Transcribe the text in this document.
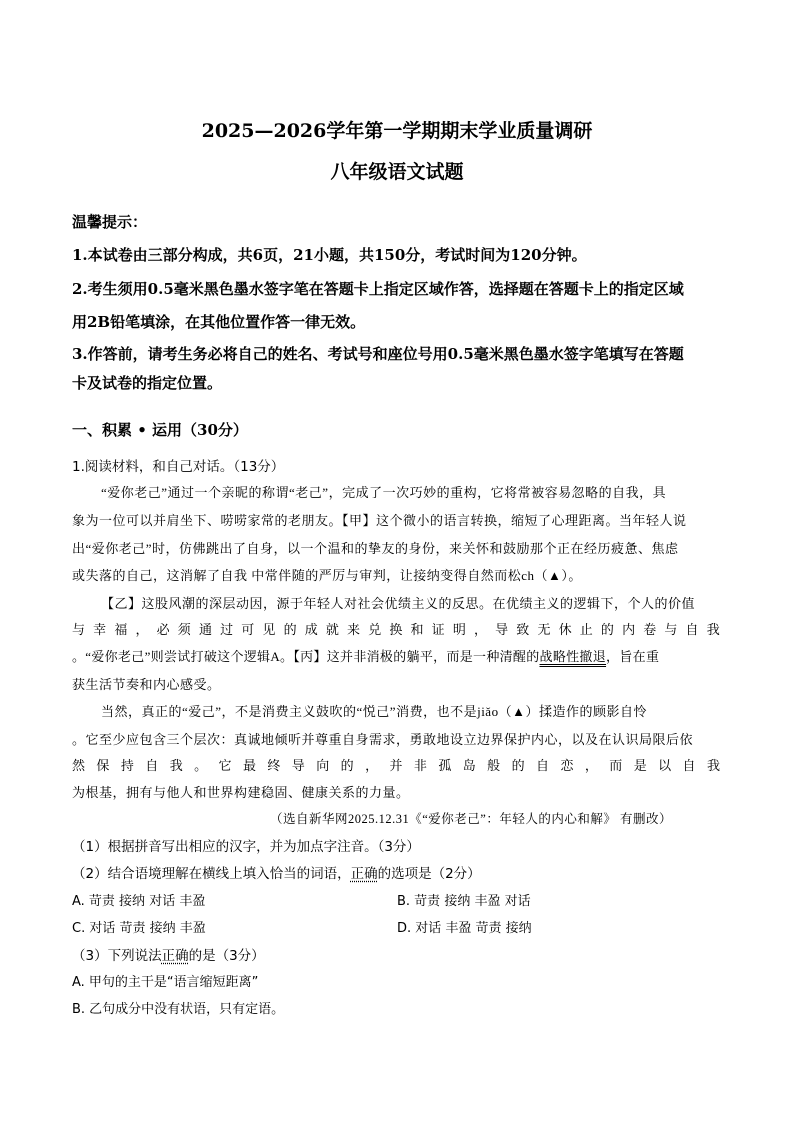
2025—2026学年第一学期期末学业质量调研
八年级语文试题
温馨提示：
1.本试卷由三部分构成，共6页，21小题，共150分，考试时间为120分钟。
2.考生须用0.5毫米黑色墨水签字笔在答题卡上指定区域作答，选择题在答题卡上的指定区域
用2B铅笔填涂，在其他位置作答一律无效。
3.作答前，请考生务必将自己的姓名、考试号和座位号用0.5毫米黑色墨水签字笔填写在答题
卡及试卷的指定位置。
一、积累 • 运用（30分）
1.阅读材料，和自己对话。（13分）
“爱你老己”通过一个亲昵的称谓“老己”，完成了一次巧妙的重构，它将常被容易忽略的自我，具
象为一位可以并肩坐下、唠唠家常的老朋友。【甲】这个微小的语言转换，缩短了心理距离。当年轻人说
出“爱你老己”时，仿佛跳出了自身，以一个温和的挚友的身份，来关怀和鼓励那个正在经历疲惫、焦虑
或失落的自己，这消解了自我 中常伴随的严厉与审判，让接纳变得自然而松ch（▲）。
【乙】这股风潮的深层动因，源于年轻人对社会优绩主义的反思。在优绩主义的逻辑下，个人的价值
与 幸 福 ， 必 须 通 过 可 见 的 成 就 来 兑 换 和 证 明 ， 导 致 无 休 止 的 内 卷 与 自 我
。“爱你老己”则尝试打破这个逻辑A。【丙】这并非消极的躺平，而是一种清醒的战略性撤退，旨在重
获生活节奏和内心感受。
当然，真正的“爱己”，不是消费主义鼓吹的“悦己”消费，也不是jiǎo（▲）揉造作的顾影自怜
。它至少应包含三个层次：真诚地倾听并尊重自身需求，勇敢地设立边界保护内心，以及在认识局限后依
然 保 持 自 我 。 它 最 终 导 向 的 ， 并 非 孤 岛 般 的 自 恋 ， 而 是 以 自 我
为根基，拥有与他人和世界构建稳固、健康关系的力量。
（选自新华网2025.12.31《“爱你老己”：年轻人的内心和解》 有删改）
（1）根据拼音写出相应的汉字，并为加点字注音。（3分）
（2）结合语境理解在横线上填入恰当的词语，正确的选项是（2分）
A. 苛责 接纳 对话 丰盈	B. 苛责 接纳 丰盈 对话
C. 对话 苛责 接纳 丰盈	D. 对话 丰盈 苛责 接纳
（3）下列说法正确的是（3分）
A. 甲句的主干是“语言缩短距离”
B. 乙句成分中没有状语，只有定语。
